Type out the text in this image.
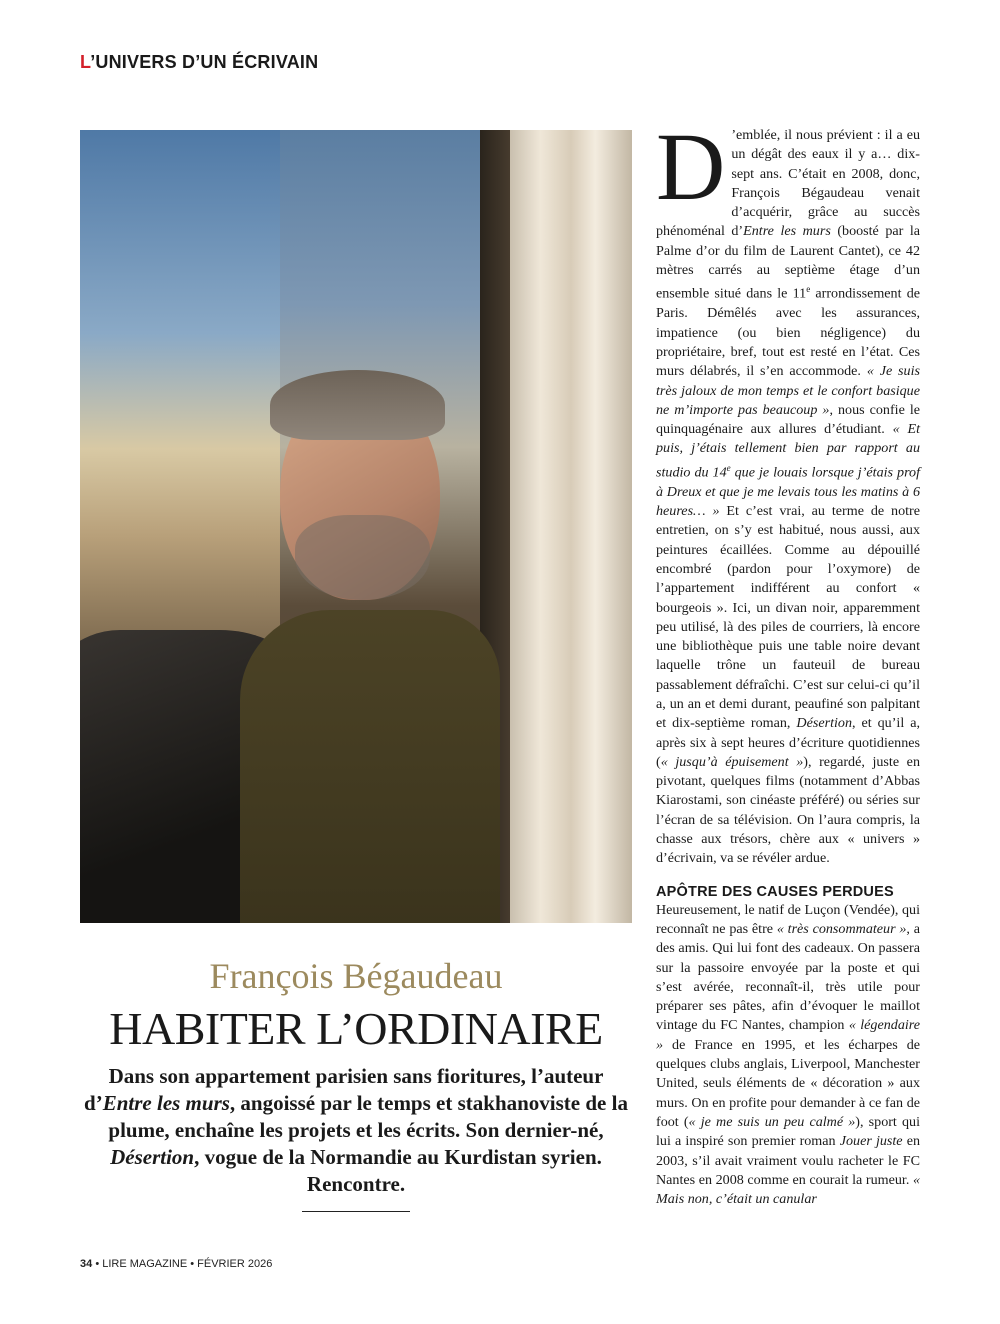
L’UNIVERS D’UN ÉCRIVAIN
François Bégaudeau
HABITER L’ORDINAIRE

Dans son appartement parisien sans fioritures, l’auteur d’Entre les murs, angoissé par le temps et stakhanoviste de la plume, enchaîne les projets et les écrits. Son dernier-né, Désertion, vogue de la Normandie au Kurdistan syrien. Rencontre.

34 • LIRE MAGAZINE • FÉVRIER 2026

D ’emblée, il nous prévient : il a eu un dégât des eaux il y a… dix-sept ans. C’était en 2008, donc, François Bégaudeau venait d’acquérir, grâce au succès phénoménal d’Entre les murs (boosté par la Palme d’or du film de Laurent Cantet), ce 42 mètres carrés au septième étage d’un ensemble situé dans le 11e arrondissement de Paris. Démêlés avec les assurances, impatience (ou bien négligence) du propriétaire, bref, tout est resté en l’état. Ces murs délabrés, il s’en accommode. « Je suis très jaloux de mon temps et le confort basique ne m’importe pas beaucoup », nous confie le quinquagénaire aux allures d’étudiant. « Et puis, j’étais tellement bien par rapport au studio du 14e que je louais lorsque j’étais prof à Dreux et que je me levais tous les matins à 6 heures… » Et c’est vrai, au terme de notre entretien, on s’y est habitué, nous aussi, aux peintures écaillées. Comme au dépouillé encombré (pardon pour l’oxymore) de l’appartement indifférent au confort « bourgeois ». Ici, un divan noir, apparemment peu utilisé, là des piles de courriers, là encore une bibliothèque puis une table noire devant laquelle trône un fauteuil de bureau passablement défraîchi. C’est sur celui-ci qu’il a, un an et demi durant, peaufiné son palpitant et dix-septième roman, Désertion, et qu’il a, après six à sept heures d’écriture quotidiennes (« jusqu’à épuisement »), regardé, juste en pivotant, quelques films (notamment d’Abbas Kiarostami, son cinéaste préféré) ou séries sur l’écran de sa télévision. On l’aura compris, la chasse aux trésors, chère aux « univers » d’écrivain, va se révéler ardue.

APÔTRE DES CAUSES PERDUES

Heureusement, le natif de Luçon (Vendée), qui reconnaît ne pas être « très consommateur », a des amis. Qui lui font des cadeaux. On passera sur la passoire envoyée par la poste et qui s’est avérée, reconnaît-il, très utile pour préparer ses pâtes, afin d’évoquer le maillot vintage du FC Nantes, champion « légendaire » de France en 1995, et les écharpes de quelques clubs anglais, Liverpool, Manchester United, seuls éléments de « décoration » aux murs. On en profite pour demander à ce fan de foot (« je me suis un peu calmé »), sport qui lui a inspiré son premier roman Jouer juste en 2003, s’il avait vraiment voulu racheter le FC Nantes en 2008 comme en courait la rumeur. « Mais non, c’était un canular
